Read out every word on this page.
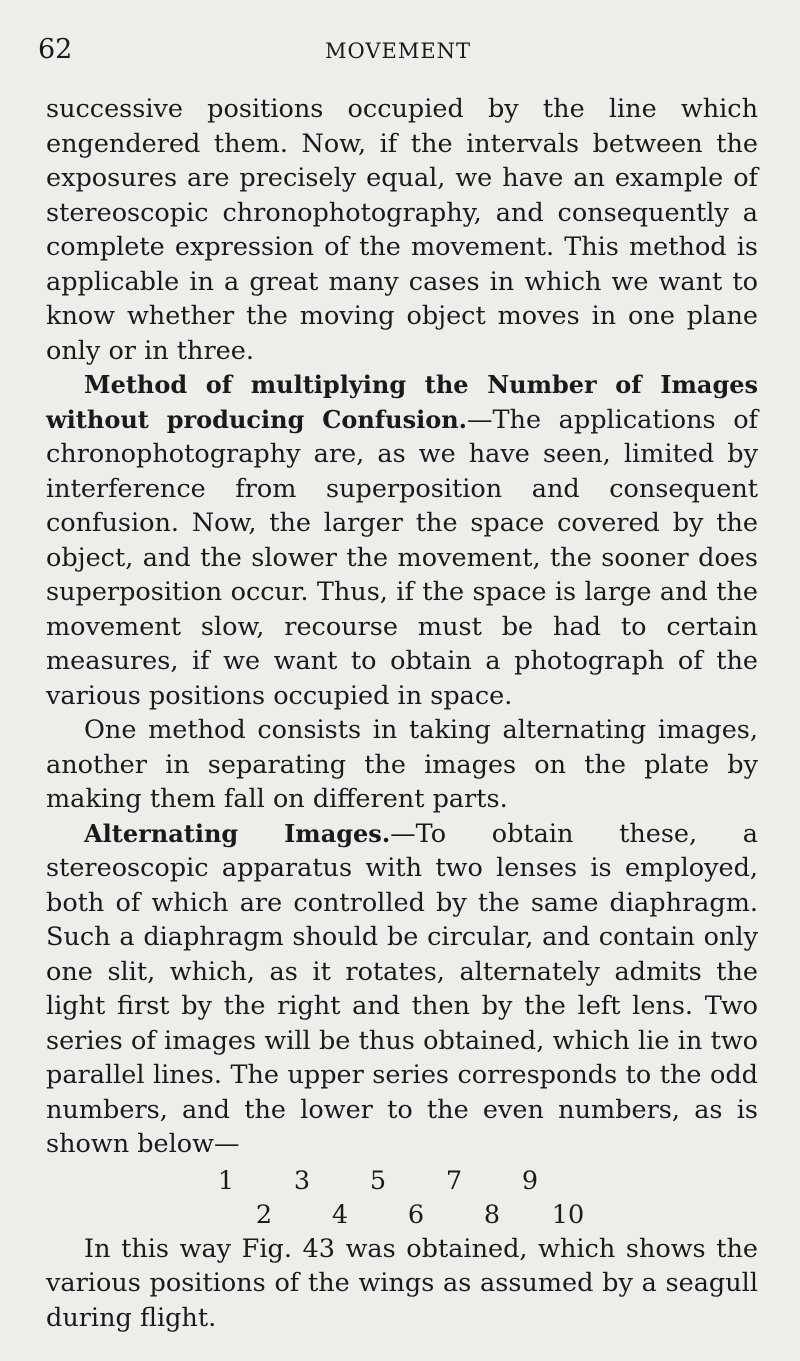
62	MOVEMENT

successive positions occupied by the line which engendered them. Now, if the intervals between the exposures are precisely equal, we have an example of stereoscopic chronophotography, and consequently a complete expression of the movement. This method is applicable in a great many cases in which we want to know whether the moving object moves in one plane only or in three.

Method of multiplying the Number of Images without producing Confusion.—The applications of chronophotography are, as we have seen, limited by interference from superposition and consequent confusion. Now, the larger the space covered by the object, and the slower the movement, the sooner does superposition occur. Thus, if the space is large and the movement slow, recourse must be had to certain measures, if we want to obtain a photograph of the various positions occupied in space.

One method consists in taking alternating images, another in separating the images on the plate by making them fall on different parts.

Alternating Images.—To obtain these, a stereoscopic apparatus with two lenses is employed, both of which are controlled by the same diaphragm. Such a diaphragm should be circular, and contain only one slit, which, as it rotates, alternately admits the light first by the right and then by the left lens. Two series of images will be thus obtained, which lie in two parallel lines. The upper series corresponds to the odd numbers, and the lower to the even numbers, as is shown below—

1	3	5	7	9
2	4	6	8	10

In this way Fig. 43 was obtained, which shows the various positions of the wings as assumed by a seagull during flight.
